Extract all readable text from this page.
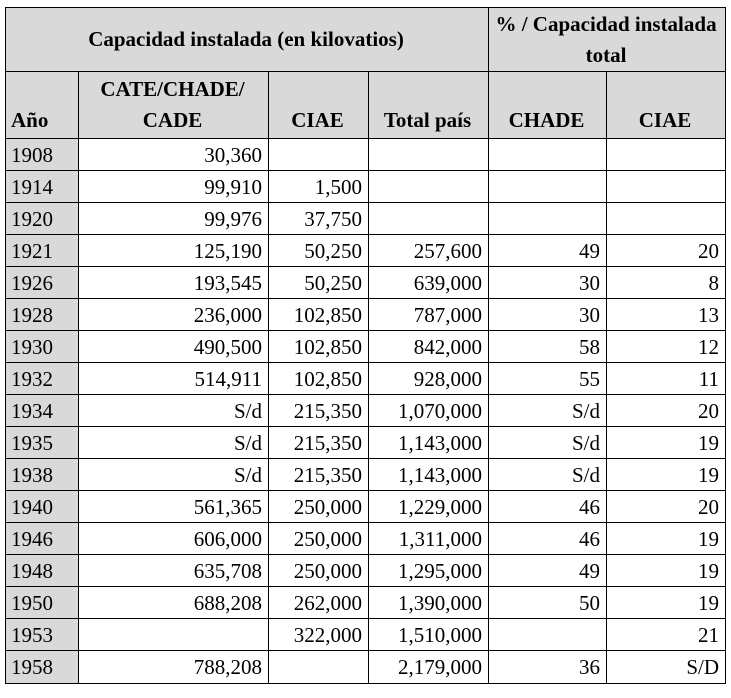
Capacidad instalada (en kilovatios)				% / Capacidad instalada total	
Año	CATE/CHADE/ CADE	CIAE	Total país	CHADE	CIAE
1908	30,360				
1914	99,910	1,500			
1920	99,976	37,750			
1921	125,190	50,250	257,600	49	20
1926	193,545	50,250	639,000	30	8
1928	236,000	102,850	787,000	30	13
1930	490,500	102,850	842,000	58	12
1932	514,911	102,850	928,000	55	11
1934	S/d	215,350	1,070,000	S/d	20
1935	S/d	215,350	1,143,000	S/d	19
1938	S/d	215,350	1,143,000	S/d	19
1940	561,365	250,000	1,229,000	46	20
1946	606,000	250,000	1,311,000	46	19
1948	635,708	250,000	1,295,000	49	19
1950	688,208	262,000	1,390,000	50	19
1953		322,000	1,510,000		21
1958	788,208		2,179,000	36	S/D
